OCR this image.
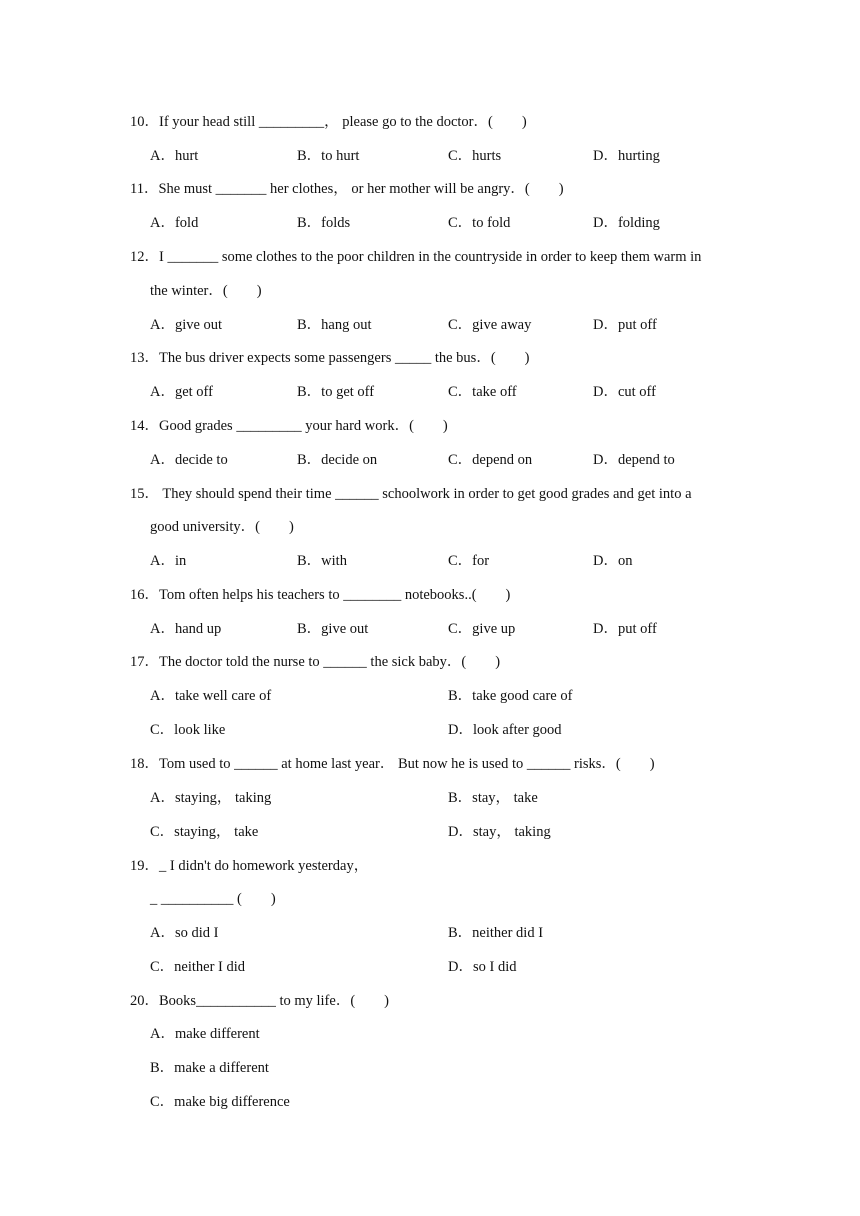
10．If your head still _________， please go to the doctor．(　　)
A．hurt	B．to hurt	C．hurts	D．hurting
11．She must _______ her clothes， or her mother will be angry．(　　)
A．fold	B．folds	C．to fold	D．folding
12．I _______ some clothes to the poor children in the countryside in order to keep them warm in
the winter．(　　)
A．give out	B．hang out	C．give away	D．put off
13．The bus driver expects some passengers _____ the bus．(　　)
A．get off	B．to get off	C．take off	D．cut off
14．Good grades _________ your hard work．(　　)
A．decide to	B．decide on	C．depend on	D．depend to
15． They should spend their time ______ schoolwork in order to get good grades and get into a
good university．(　　)
A．in	B．with	C．for	D．on
16．Tom often helps his teachers to ________ notebooks..(　　)
A．hand up	B．give out	C．give up	D．put off
17．The doctor told the nurse to ______ the sick baby．(　　)
A．take well care of	B．take good care of
C．look like	D．look after good
18．Tom used to ______ at home last year． But now he is used to ______ risks．(　　)
A．staying， taking	B．stay， take
C．staying， take	D．stay， taking
19．_ I didn't do homework yesterday，
_ __________ (　　)
A．so did I	B．neither did I
C．neither I did	D．so I did
20．Books___________ to my life．(　　)
A．make different
B．make a different
C．make big difference
